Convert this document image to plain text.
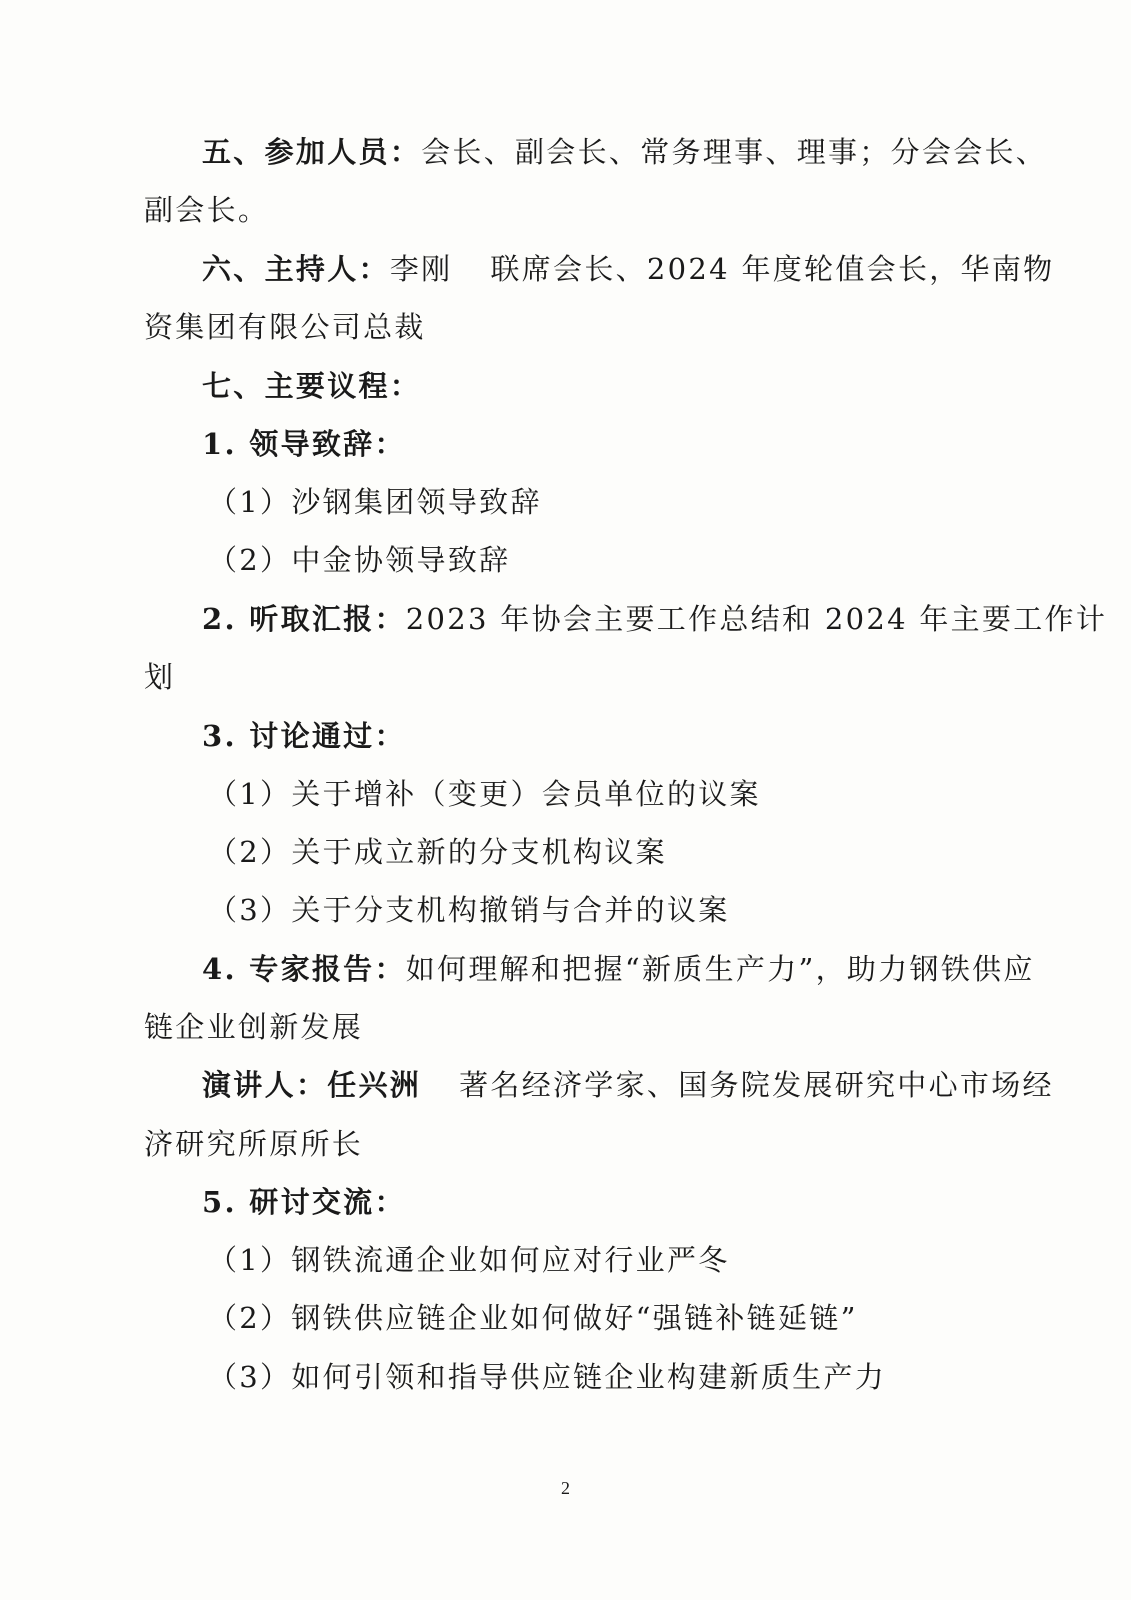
五、参加人员：会长、副会长、常务理事、理事；分会会长、
副会长。
六、主持人：李刚 联席会长、2024 年度轮值会长，华南物
资集团有限公司总裁
七、主要议程：
1. 领导致辞：
（1）沙钢集团领导致辞
（2）中金协领导致辞
2. 听取汇报：2023 年协会主要工作总结和 2024 年主要工作计
划
3. 讨论通过：
（1）关于增补（变更）会员单位的议案
（2）关于成立新的分支机构议案
（3）关于分支机构撤销与合并的议案
4. 专家报告：如何理解和把握“新质生产力”，助力钢铁供应
链企业创新发展
演讲人：任兴洲 著名经济学家、国务院发展研究中心市场经
济研究所原所长
5. 研讨交流：
（1）钢铁流通企业如何应对行业严冬
（2）钢铁供应链企业如何做好“强链补链延链”
（3）如何引领和指导供应链企业构建新质生产力
2
